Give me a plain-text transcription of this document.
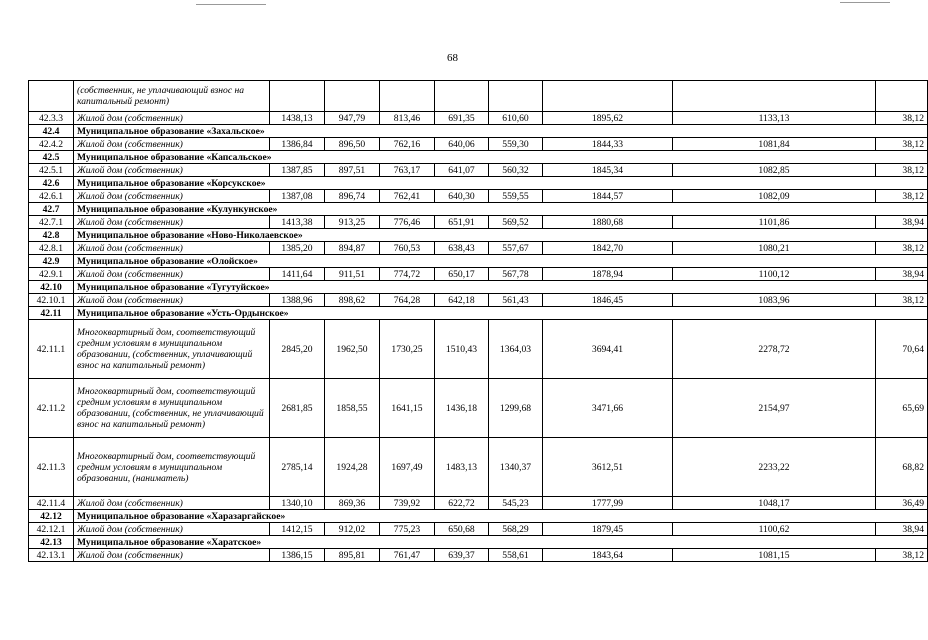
68
	(собственник, не уплачивающий взнос на капитальный ремонт)								
42.3.3	Жилой дом (собственник)	1438,13	947,79	813,46	691,35	610,60	1895,62	1133,13	38,12
42.4	Муниципальное образование «Захальское»								
42.4.2	Жилой дом (собственник)	1386,84	896,50	762,16	640,06	559,30	1844,33	1081,84	38,12
42.5	Муниципальное образование «Капсальское»								
42.5.1	Жилой дом (собственник)	1387,85	897,51	763,17	641,07	560,32	1845,34	1082,85	38,12
42.6	Муниципальное образование «Корсукское»								
42.6.1	Жилой дом (собственник)	1387,08	896,74	762,41	640,30	559,55	1844,57	1082,09	38,12
42.7	Муниципальное образование «Кулункунское»								
42.7.1	Жилой дом (собственник)	1413,38	913,25	776,46	651,91	569,52	1880,68	1101,86	38,94
42.8	Муниципальное образование «Ново-Николаевское»								
42.8.1	Жилой дом (собственник)	1385,20	894,87	760,53	638,43	557,67	1842,70	1080,21	38,12
42.9	Муниципальное образование «Олойское»								
42.9.1	Жилой дом (собственник)	1411,64	911,51	774,72	650,17	567,78	1878,94	1100,12	38,94
42.10	Муниципальное образование «Тугутуйское»								
42.10.1	Жилой дом (собственник)	1388,96	898,62	764,28	642,18	561,43	1846,45	1083,96	38,12
42.11	Муниципальное образование «Усть-Ордынское»								
42.11.1	Многоквартирный дом, соответствующий средним условиям в муниципальном образовании, (собственник, уплачивающий взнос на капитальный ремонт)	2845,20	1962,50	1730,25	1510,43	1364,03	3694,41	2278,72	70,64
42.11.2	Многоквартирный дом, соответствующий средним условиям в муниципальном образовании, (собственник, не уплачивающий взнос на капитальный ремонт)	2681,85	1858,55	1641,15	1436,18	1299,68	3471,66	2154,97	65,69
42.11.3	Многоквартирный дом, соответствующий средним условиям в муниципальном образовании, (наниматель)	2785,14	1924,28	1697,49	1483,13	1340,37	3612,51	2233,22	68,82
42.11.4	Жилой дом (собственник)	1340,10	869,36	739,92	622,72	545,23	1777,99	1048,17	36,49
42.12	Муниципальное образование «Харазаргайское»								
42.12.1	Жилой дом (собственник)	1412,15	912,02	775,23	650,68	568,29	1879,45	1100,62	38,94
42.13	Муниципальное образование «Харатское»								
42.13.1	Жилой дом (собственник)	1386,15	895,81	761,47	639,37	558,61	1843,64	1081,15	38,12
